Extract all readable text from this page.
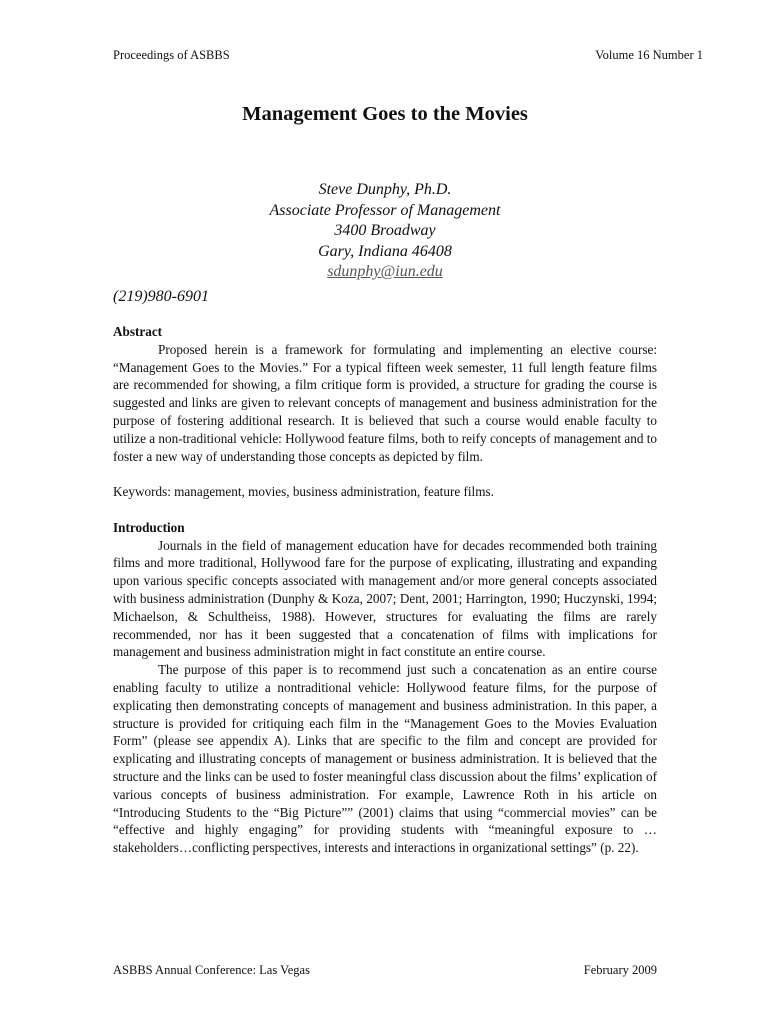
Proceedings of ASBBS	Volume 16 Number 1
Management Goes to the Movies
Steve Dunphy, Ph.D.
Associate Professor of Management
3400 Broadway
Gary, Indiana 46408
sdunphy@iun.edu
(219)980-6901

Abstract

Proposed herein is a framework for formulating and implementing an elective course: “Management Goes to the Movies.” For a typical fifteen week semester, 11 full length feature films are recommended for showing, a film critique form is provided, a structure for grading the course is suggested and links are given to relevant concepts of management and business administration for the purpose of fostering additional research. It is believed that such a course would enable faculty to utilize a non-traditional vehicle: Hollywood feature films, both to reify concepts of management and to foster a new way of understanding those concepts as depicted by film.

Keywords: management, movies, business administration, feature films.

Introduction

Journals in the field of management education have for decades recommended both training films and more traditional, Hollywood fare for the purpose of explicating, illustrating and expanding upon various specific concepts associated with management and/or more general concepts associated with business administration (Dunphy & Koza, 2007; Dent, 2001; Harrington, 1990; Huczynski, 1994; Michaelson, & Schultheiss, 1988). However, structures for evaluating the films are rarely recommended, nor has it been suggested that a concatenation of films with implications for management and business administration might in fact constitute an entire course.

The purpose of this paper is to recommend just such a concatenation as an entire course enabling faculty to utilize a nontraditional vehicle: Hollywood feature films, for the purpose of explicating then demonstrating concepts of management and business administration. In this paper, a structure is provided for critiquing each film in the “Management Goes to the Movies Evaluation Form” (please see appendix A). Links that are specific to the film and concept are provided for explicating and illustrating concepts of management or business administration. It is believed that the structure and the links can be used to foster meaningful class discussion about the films’ explication of various concepts of business administration. For example, Lawrence Roth in his article on “Introducing Students to the “Big Picture”” (2001) claims that using “commercial movies” can be “effective and highly engaging” for providing students with “meaningful exposure to …stakeholders…conflicting perspectives, interests and interactions in organizational settings” (p. 22).

ASBBS Annual Conference: Las Vegas	February 2009
